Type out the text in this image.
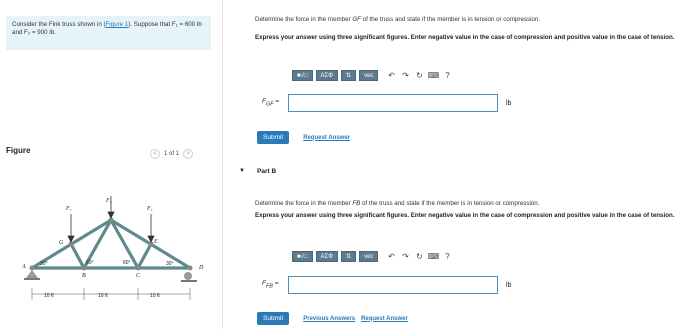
Consider the Fink truss shown in (Figure 1). Suppose that F₁ = 600 lb and F₂ = 900 lb.
Figure	<	1 of 1	>
F₁
F₂
F₁
G	E
A	D
B	C
30°	60°	60°	30°
10 ft	10 ft	10 ft
Determine the force in the member GF of the truss and state if the member is in tension or compression.
Express your answer using three significant figures. Enter negative value in the case of compression and positive value in the case of tension.
■√□	AΣΦ	⇅	vec	↶ ↷ ↻ ⌨ ?
$F_{GF}$ =	lb
Submit	Request Answer
▼ Part B
Determine the force in the member FB of the truss and state if the member is in tension or compression.
Express your answer using three significant figures. Enter negative value in the case of compression and positive value in the case of tension.
■√□	AΣΦ	⇅	vec	↶ ↷ ↻ ⌨ ?
$F_{FB}$ =	lb
Submit	Previous Answers Request Answer
